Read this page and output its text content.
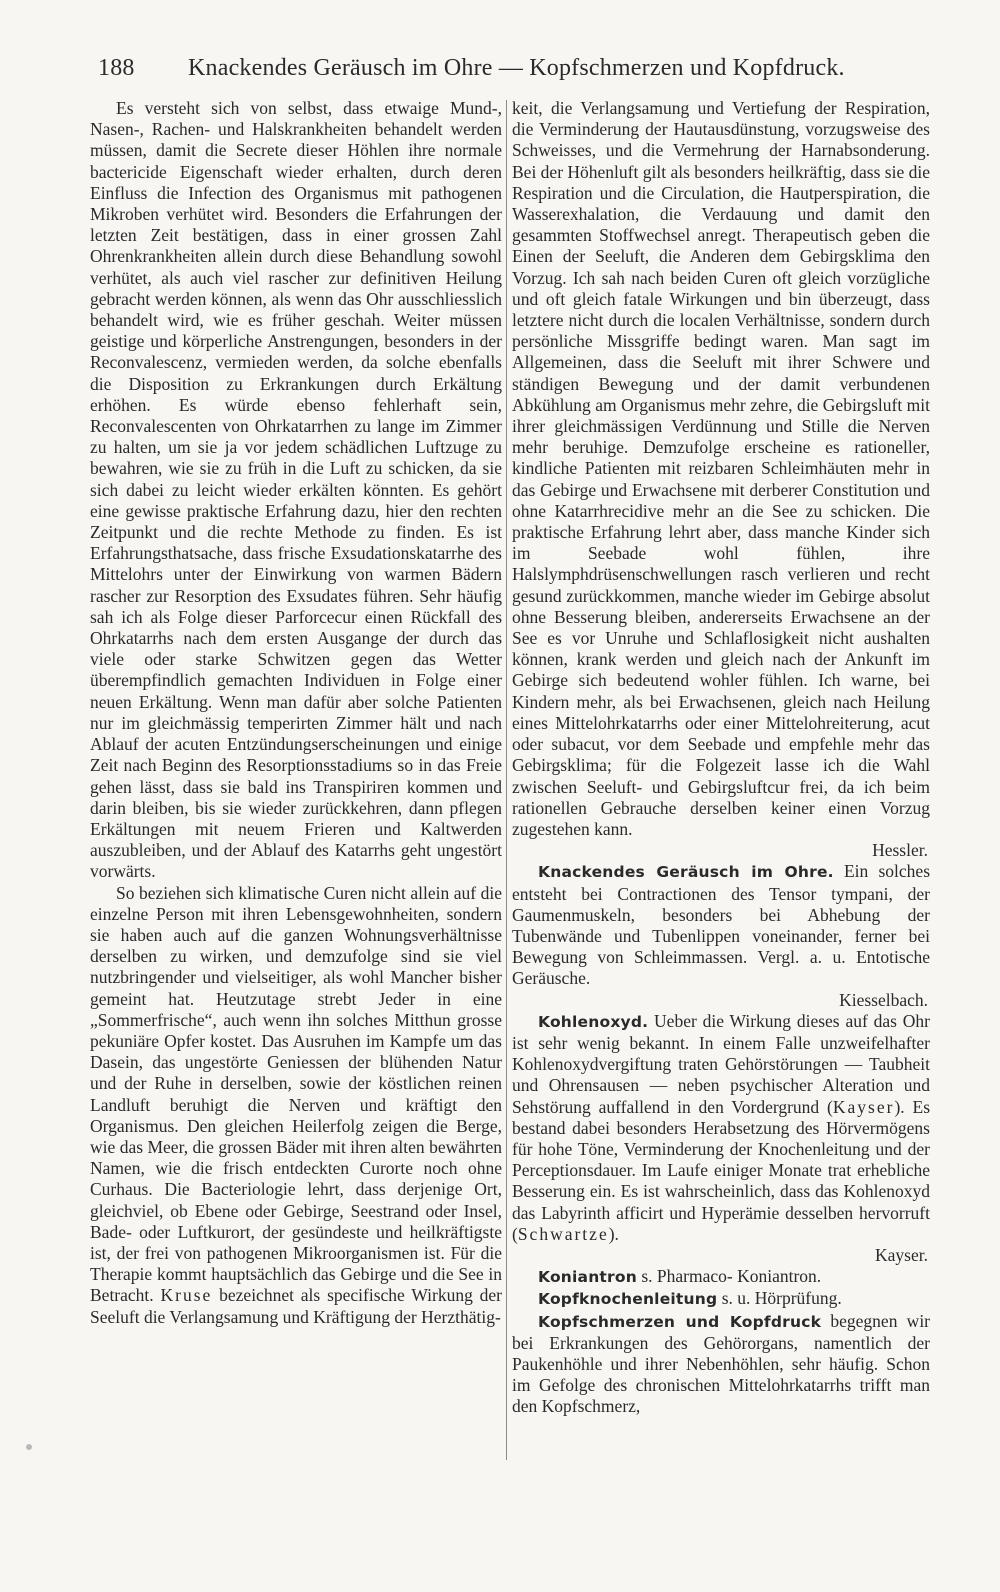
188 Knackendes Geräusch im Ohre — Kopfschmerzen und Kopfdruck.

Es versteht sich von selbst, dass etwaige Mund-, Nasen-, Rachen- und Halskrankheiten behandelt werden müssen, damit die Secrete dieser Höhlen ihre normale bactericide Eigenschaft wieder erhalten, durch deren Einfluss die Infection des Organismus mit pathogenen Mikroben verhütet wird. Besonders die Erfahrungen der letzten Zeit bestätigen, dass in einer grossen Zahl Ohrenkrankheiten allein durch diese Behandlung sowohl verhütet, als auch viel rascher zur definitiven Heilung gebracht werden können, als wenn das Ohr ausschliesslich behandelt wird, wie es früher geschah. Weiter müssen geistige und körperliche Anstrengungen, besonders in der Reconvalescenz, vermieden werden, da solche ebenfalls die Disposition zu Erkrankungen durch Erkältung erhöhen. Es würde ebenso fehlerhaft sein, Reconvalescenten von Ohrkatarrhen zu lange im Zimmer zu halten, um sie ja vor jedem schädlichen Luftzuge zu bewahren, wie sie zu früh in die Luft zu schicken, da sie sich dabei zu leicht wieder erkälten könnten. Es gehört eine gewisse praktische Erfahrung dazu, hier den rechten Zeitpunkt und die rechte Methode zu finden. Es ist Erfahrungsthatsache, dass frische Exsudationskatarrhe des Mittelohrs unter der Einwirkung von warmen Bädern rascher zur Resorption des Exsudates führen. Sehr häufig sah ich als Folge dieser Parforcecur einen Rückfall des Ohrkatarrhs nach dem ersten Ausgange der durch das viele oder starke Schwitzen gegen das Wetter überempfindlich gemachten Individuen in Folge einer neuen Erkältung. Wenn man dafür aber solche Patienten nur im gleichmässig temperirten Zimmer hält und nach Ablauf der acuten Entzündungserscheinungen und einige Zeit nach Beginn des Resorptionsstadiums so in das Freie gehen lässt, dass sie bald ins Transpiriren kommen und darin bleiben, bis sie wieder zurückkehren, dann pflegen Erkältungen mit neuem Frieren und Kaltwerden auszubleiben, und der Ablauf des Katarrhs geht ungestört vorwärts.

So beziehen sich klimatische Curen nicht allein auf die einzelne Person mit ihren Lebensgewohnheiten, sondern sie haben auch auf die ganzen Wohnungsverhältnisse derselben zu wirken, und demzufolge sind sie viel nutzbringender und vielseitiger, als wohl Mancher bisher gemeint hat. Heutzutage strebt Jeder in eine „Sommerfrische“, auch wenn ihn solches Mitthun grosse pekuniäre Opfer kostet. Das Ausruhen im Kampfe um das Dasein, das ungestörte Geniessen der blühenden Natur und der Ruhe in derselben, sowie der köstlichen reinen Landluft beruhigt die Nerven und kräftigt den Organismus. Den gleichen Heilerfolg zeigen die Berge, wie das Meer, die grossen Bäder mit ihren alten bewährten Namen, wie die frisch entdeckten Curorte noch ohne Curhaus. Die Bacteriologie lehrt, dass derjenige Ort, gleichviel, ob Ebene oder Gebirge, Seestrand oder Insel, Bade- oder Luftkurort, der gesündeste und heilkräftigste ist, der frei von pathogenen Mikroorganismen ist. Für die Therapie kommt hauptsächlich das Gebirge und die See in Betracht. Kruse bezeichnet als specifische Wirkung der Seeluft die Verlangsamung und Kräftigung der Herzthätig-

keit, die Verlangsamung und Vertiefung der Respiration, die Verminderung der Hautausdünstung, vorzugsweise des Schweisses, und die Vermehrung der Harnabsonderung. Bei der Höhenluft gilt als besonders heilkräftig, dass sie die Respiration und die Circulation, die Hautperspiration, die Wasserexhalation, die Verdauung und damit den gesammten Stoffwechsel anregt. Therapeutisch geben die Einen der Seeluft, die Anderen dem Gebirgsklima den Vorzug. Ich sah nach beiden Curen oft gleich vorzügliche und oft gleich fatale Wirkungen und bin überzeugt, dass letztere nicht durch die localen Verhältnisse, sondern durch persönliche Missgriffe bedingt waren. Man sagt im Allgemeinen, dass die Seeluft mit ihrer Schwere und ständigen Bewegung und der damit verbundenen Abkühlung am Organismus mehr zehre, die Gebirgsluft mit ihrer gleichmässigen Verdünnung und Stille die Nerven mehr beruhige. Demzufolge erscheine es rationeller, kindliche Patienten mit reizbaren Schleimhäuten mehr in das Gebirge und Erwachsene mit derberer Constitution und ohne Katarrhrecidive mehr an die See zu schicken. Die praktische Erfahrung lehrt aber, dass manche Kinder sich im Seebade wohl fühlen, ihre Halslymphdrüsenschwellungen rasch verlieren und recht gesund zurückkommen, manche wieder im Gebirge absolut ohne Besserung bleiben, andererseits Erwachsene an der See es vor Unruhe und Schlaflosigkeit nicht aushalten können, krank werden und gleich nach der Ankunft im Gebirge sich bedeutend wohler fühlen. Ich warne, bei Kindern mehr, als bei Erwachsenen, gleich nach Heilung eines Mittelohrkatarrhs oder einer Mittelohreiterung, acut oder subacut, vor dem Seebade und empfehle mehr das Gebirgsklima; für die Folgezeit lasse ich die Wahl zwischen Seeluft- und Gebirgsluftcur frei, da ich beim rationellen Gebrauche derselben keiner einen Vorzug zugestehen kann.

Hessler.

Knackendes Geräusch im Ohre. Ein solches entsteht bei Contractionen des Tensor tympani, der Gaumenmuskeln, besonders bei Abhebung der Tubenwände und Tubenlippen voneinander, ferner bei Bewegung von Schleimmassen. Vergl. a. u. Entotische Geräusche.

Kiesselbach.

Kohlenoxyd. Ueber die Wirkung dieses auf das Ohr ist sehr wenig bekannt. In einem Falle unzweifelhafter Kohlenoxydvergiftung traten Gehörstörungen — Taubheit und Ohrensausen — neben psychischer Alteration und Sehstörung auffallend in den Vordergrund (Kayser). Es bestand dabei besonders Herabsetzung des Hörvermögens für hohe Töne, Verminderung der Knochenleitung und der Perceptionsdauer. Im Laufe einiger Monate trat erhebliche Besserung ein. Es ist wahrscheinlich, dass das Kohlenoxyd das Labyrinth afficirt und Hyperämie desselben hervorruft (Schwartze).

Kayser.

Koniantron s. Pharmaco- Koniantron.

Kopfknochenleitung s. u. Hörprüfung.

Kopfschmerzen und Kopfdruck begegnen wir bei Erkrankungen des Gehörorgans, namentlich der Paukenhöhle und ihrer Nebenhöhlen, sehr häufig. Schon im Gefolge des chronischen Mittelohrkatarrhs trifft man den Kopfschmerz,
